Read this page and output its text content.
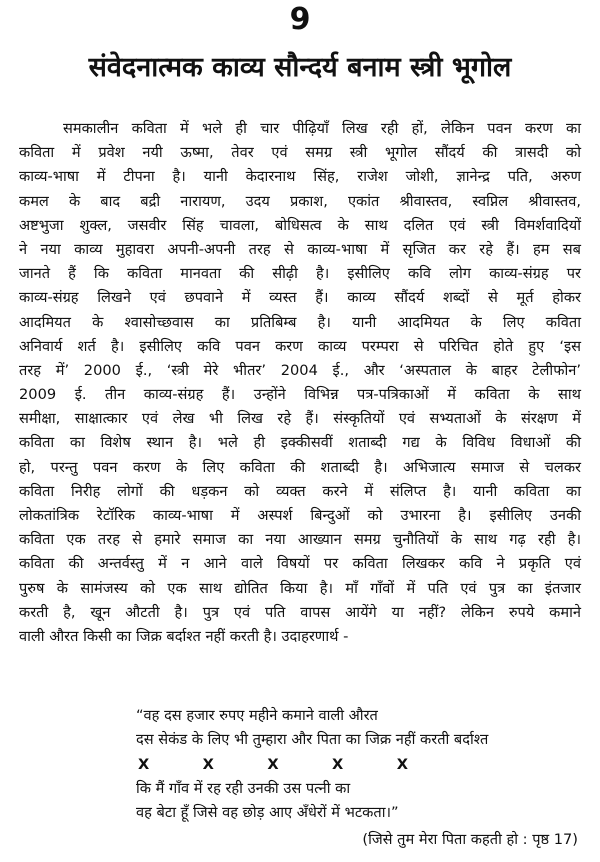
9
संवेदनात्मक काव्य सौन्दर्य बनाम स्त्री भूगोल
समकालीन कविता में भले ही चार पीढ़ियाँ लिख रही हों, लेकिन पवन करण का
कविता में प्रवेश नयी ऊष्मा, तेवर एवं समग्र स्त्री भूगोल सौंदर्य की त्रासदी को
काव्य-भाषा में टीपना है। यानी केदारनाथ सिंह, राजेश जोशी, ज्ञानेन्द्र पति, अरुण
कमल के बाद बद्री नारायण, उदय प्रकाश, एकांत श्रीवास्तव, स्वप्निल श्रीवास्तव,
अष्टभुजा शुक्ल, जसवीर सिंह चावला, बोधिसत्व के साथ दलित एवं स्त्री विमर्शवादियों
ने नया काव्य मुहावरा अपनी-अपनी तरह से काव्य-भाषा में सृजित कर रहे हैं। हम सब
जानते हैं कि कविता मानवता की सीढ़ी है। इसीलिए कवि लोग काव्य-संग्रह पर
काव्य-संग्रह लिखने एवं छपवाने में व्यस्त हैं। काव्य सौंदर्य शब्दों से मूर्त होकर
आदमियत के श्वासोच्छवास का प्रतिबिम्ब है। यानी आदमियत के लिए कविता
अनिवार्य शर्त है। इसीलिए कवि पवन करण काव्य परम्परा से परिचित होते हुए ‘इस
तरह में’ 2000 ई., ‘स्त्री मेरे भीतर’ 2004 ई., और ‘अस्पताल के बाहर टेलीफोन’
2009 ई. तीन काव्य-संग्रह हैं। उन्होंने विभिन्न पत्र-पत्रिकाओं में कविता के साथ
समीक्षा, साक्षात्कार एवं लेख भी लिख रहे हैं। संस्कृतियों एवं सभ्यताओं के संरक्षण में
कविता का विशेष स्थान है। भले ही इक्कीसवीं शताब्दी गद्य के विविध विधाओं की
हो, परन्तु पवन करण के लिए कविता की शताब्दी है। अभिजात्य समाज से चलकर
कविता निरीह लोगों की धड़कन को व्यक्त करने में संलिप्त है। यानी कविता का
लोकतांत्रिक रेटॉरिक काव्य-भाषा में अस्पर्श बिन्दुओं को उभारना है। इसीलिए उनकी
कविता एक तरह से हमारे समाज का नया आख्यान समग्र चुनौतियों के साथ गढ़ रही है।
कविता की अन्तर्वस्तु में न आने वाले विषयों पर कविता लिखकर कवि ने प्रकृति एवं
पुरुष के सामंजस्य को एक साथ द्योतित किया है। माँ गाँवों में पति एवं पुत्र का इंतजार
करती है, खून औटती है। पुत्र एवं पति वापस आयेंगे या नहीं? लेकिन रुपये कमाने
वाली औरत किसी का जिक्र बर्दाश्त नहीं करती है। उदाहरणार्थ -
“वह दस हजार रुपए महीने कमाने वाली औरत
दस सेकंड के लिए भी तुम्हारा और पिता का जिक्र नहीं करती बर्दाश्त
X	X	X	X	X
कि मैं गाँव में रह रही उनकी उस पत्नी का
वह बेटा हूँ जिसे वह छोड़ आए अँधेरों में भटकता।”
(जिसे तुम मेरा पिता कहती हो : पृष्ठ 17)
